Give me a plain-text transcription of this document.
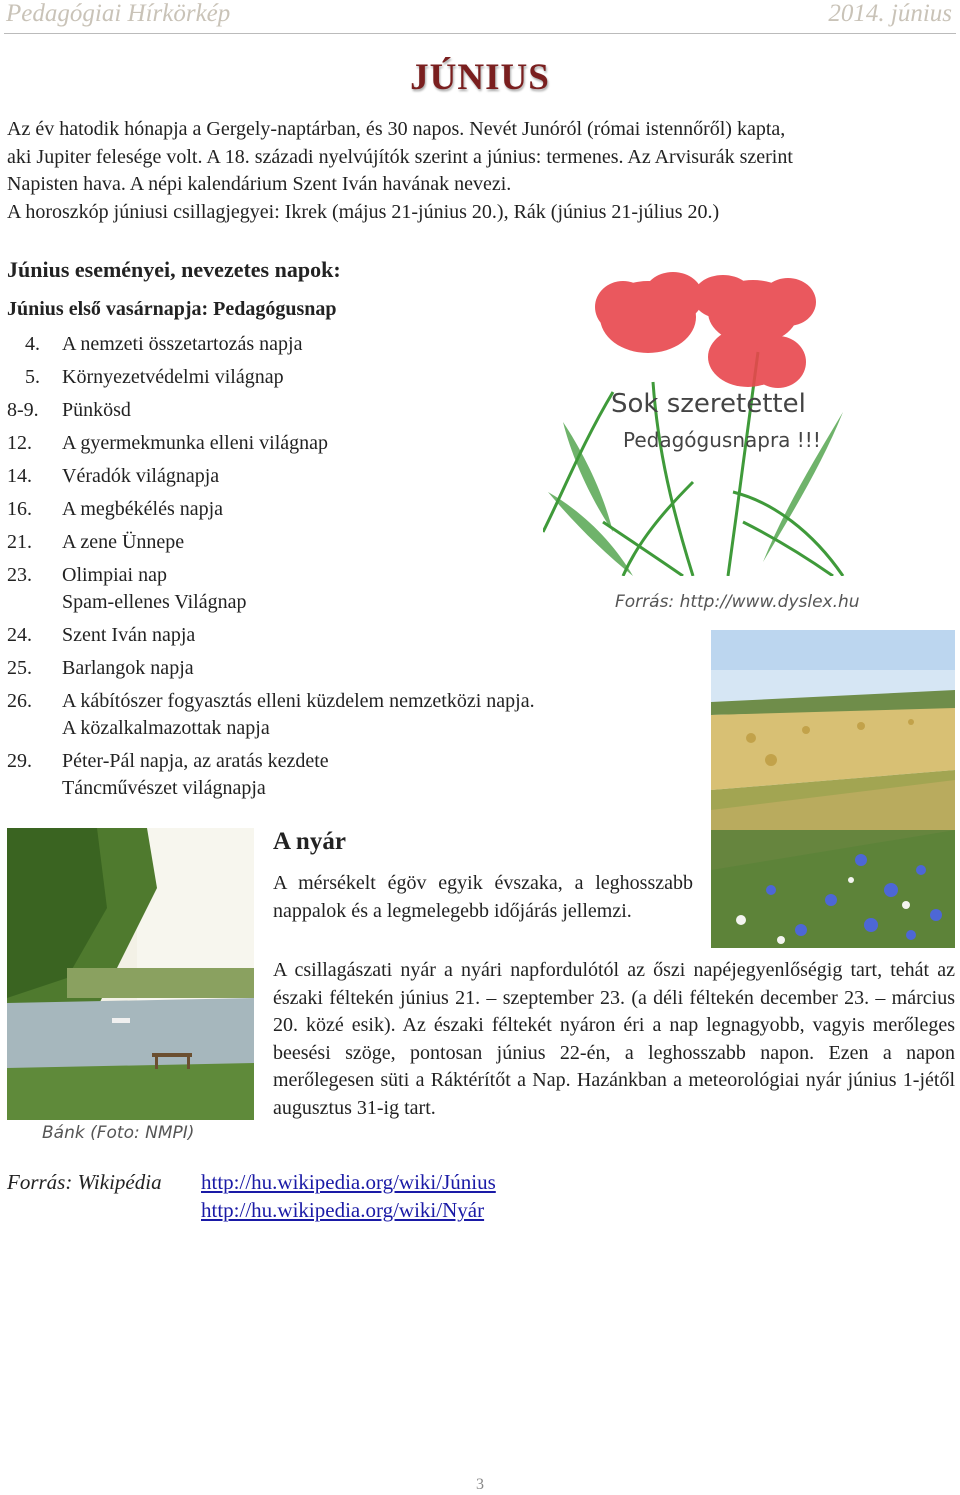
Pedagógiai Hírkörkép	2014. június
JÚNIUS
Az év hatodik hónapja a Gergely-naptárban, és 30 napos. Nevét Junóról (római istennőről) kapta,
aki Jupiter felesége volt. A 18. századi nyelvújítók szerint a június: termenes. Az Arvisurák szerint
Napisten hava. A népi kalendárium Szent Iván havának nevezi.
A horoszkóp júniusi csillagjegyei: Ikrek (május 21-június 20.), Rák (június 21-július 20.)
Június eseményei, nevezetes napok:
Június első vasárnapja: Pedagógusnap
4. A nemzeti összetartozás napja
5. Környezetvédelmi világnap
8-9. Pünkösd
12. A gyermekmunka elleni világnap
14. Véradók világnapja
16. A megbékélés napja
21. A zene Ünnepe
23. Olimpiai nap
Spam-ellenes Világnap
24. Szent Iván napja
25. Barlangok napja
26. A kábítószer fogyasztás elleni küzdelem nemzetközi napja.
A közalkalmazottak napja
29. Péter-Pál napja, az aratás kezdete
Táncművészet világnapja
Sok szeretettel
Pedagógusnapra !!!
Forrás: http://www.dyslex.hu
Bánk (Foto: NMPI)
A nyár
A mérsékelt égöv egyik évszaka, a leghosszabb nappalok és a legmelegebb időjárás jellemzi.
A csillagászati nyár a nyári napfordulótól az őszi napéjegyenlőségig tart, tehát az északi féltekén június 21. – szeptember 23. (a déli féltekén december 23. – március 20. közé esik). Az északi féltekét nyáron éri a nap legnagyobb, vagyis merőleges beesési szöge, pontosan június 22-én, a leghosszabb napon. Ezen a napon merőlegesen süti a Ráktérítőt a Nap. Hazánkban a meteorológiai nyár június 1-jétől augusztus 31-ig tart.
Forrás: Wikipédia http://hu.wikipedia.org/wiki/Június
http://hu.wikipedia.org/wiki/Nyár
3
